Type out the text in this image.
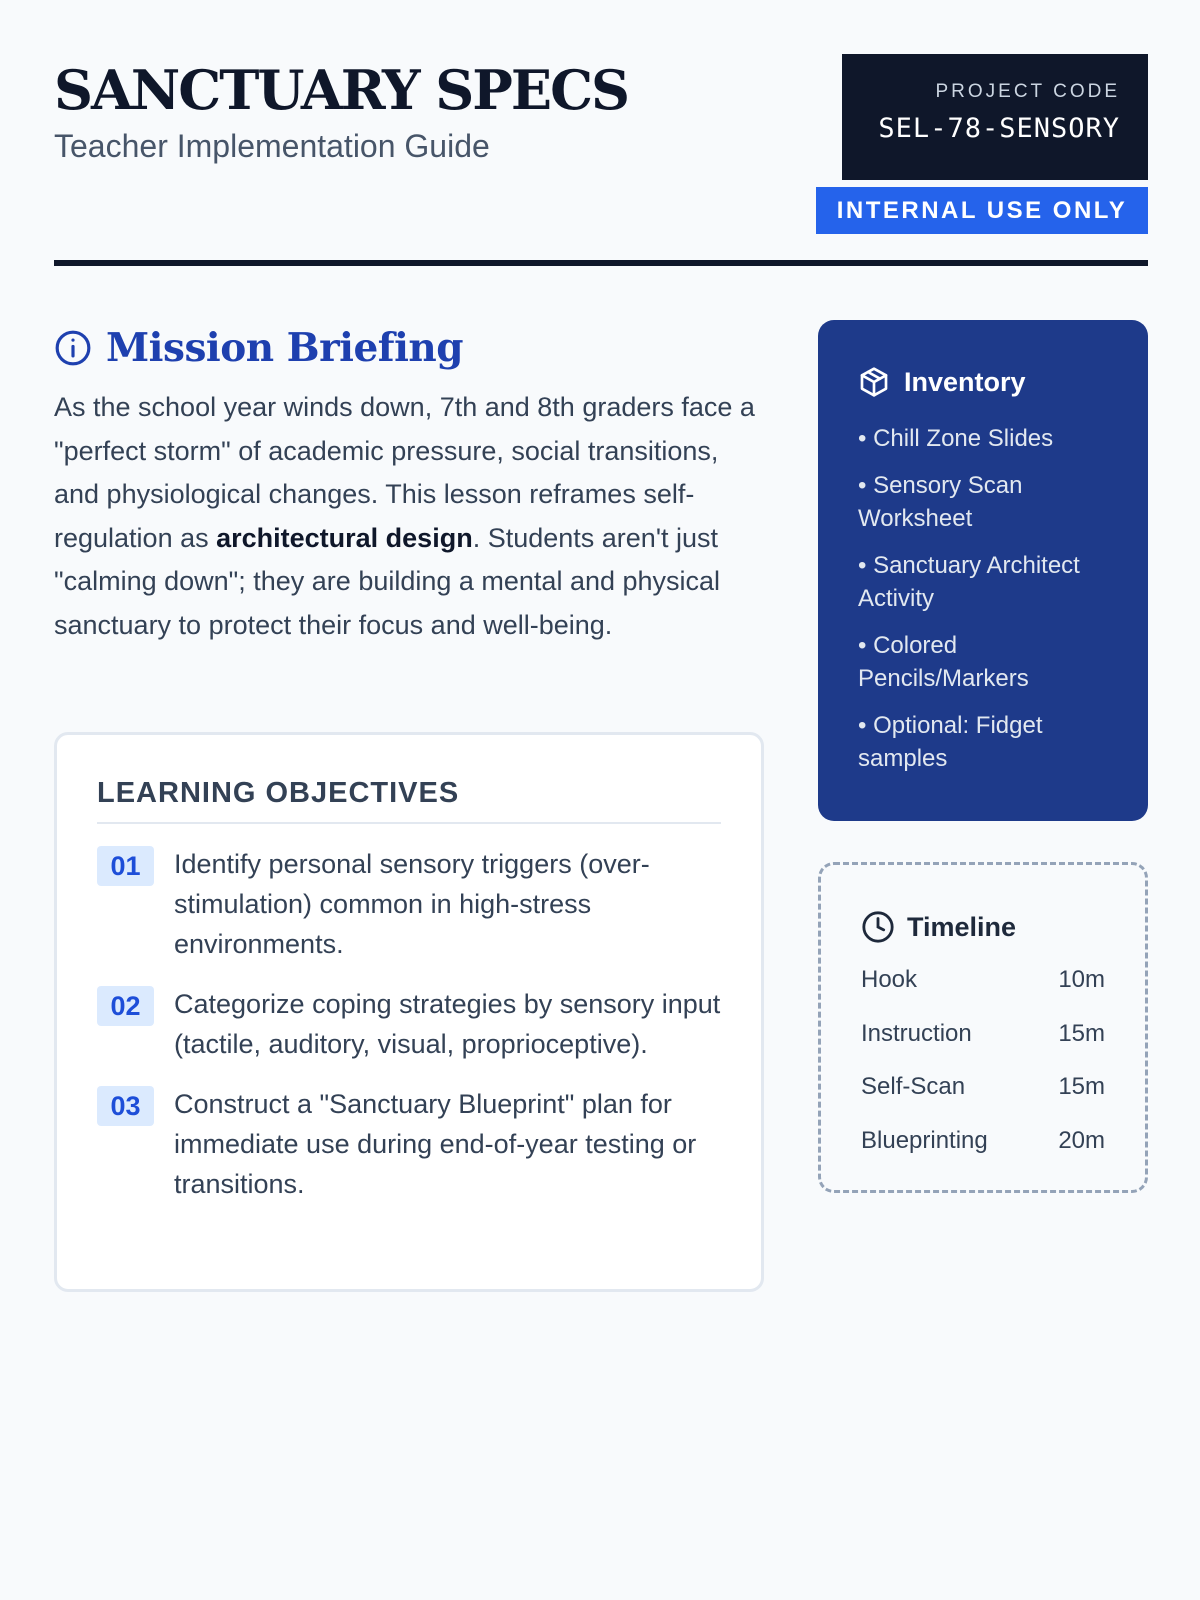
SANCTUARY SPECS
Teacher Implementation Guide
PROJECT CODE
SEL-78-SENSORY
INTERNAL USE ONLY
Mission Briefing

As the school year winds down, 7th and 8th graders face a "perfect storm" of academic pressure, social transitions, and physiological changes. This lesson reframes self-regulation as architectural design. Students aren't just "calming down"; they are building a mental and physical sanctuary to protect their focus and well-being.

LEARNING OBJECTIVES
01	Identify personal sensory triggers (over-stimulation) common in high-stress environments.
02	Categorize coping strategies by sensory input (tactile, auditory, visual, proprioceptive).
03	Construct a "Sanctuary Blueprint" plan for immediate use during end-of-year testing or transitions.
Inventory
• Chill Zone Slides
• Sensory Scan Worksheet
• Sanctuary Architect Activity
• Colored Pencils/Markers
• Optional: Fidget samples
Timeline
Hook	10m
Instruction	15m
Self-Scan	15m
Blueprinting	20m
